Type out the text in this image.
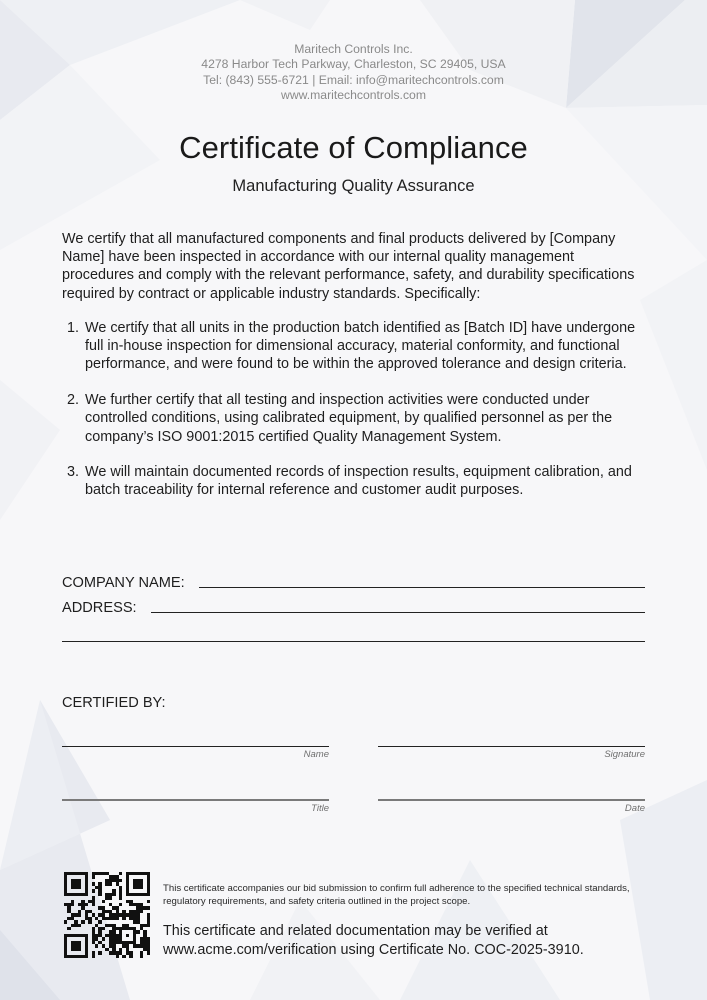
Maritech Controls Inc.
4278 Harbor Tech Parkway, Charleston, SC 29405, USA
Tel: (843) 555-6721 | Email: info@maritechcontrols.com
www.maritechcontrols.com
Certificate of Compliance
Manufacturing Quality Assurance
We certify that all manufactured components and final products delivered by [Company Name] have been inspected in accordance with our internal quality management procedures and comply with the relevant performance, safety, and durability specifications required by contract or applicable industry standards. Specifically:
1. We certify that all units in the production batch identified as [Batch ID] have undergone full in-house inspection for dimensional accuracy, material conformity, and functional performance, and were found to be within the approved tolerance and design criteria.
2. We further certify that all testing and inspection activities were conducted under controlled conditions, using calibrated equipment, by qualified personnel as per the company’s ISO 9001:2015 certified Quality Management System.
3. We will maintain documented records of inspection results, equipment calibration, and batch traceability for internal reference and customer audit purposes.
COMPANY NAME:
ADDRESS:
CERTIFIED BY:
Name	Signature
Title	Date
This certificate accompanies our bid submission to confirm full adherence to the specified technical standards, regulatory requirements, and safety criteria outlined in the project scope.
This certificate and related documentation may be verified at www.acme.com/verification using Certificate No. COC-2025-3910.
